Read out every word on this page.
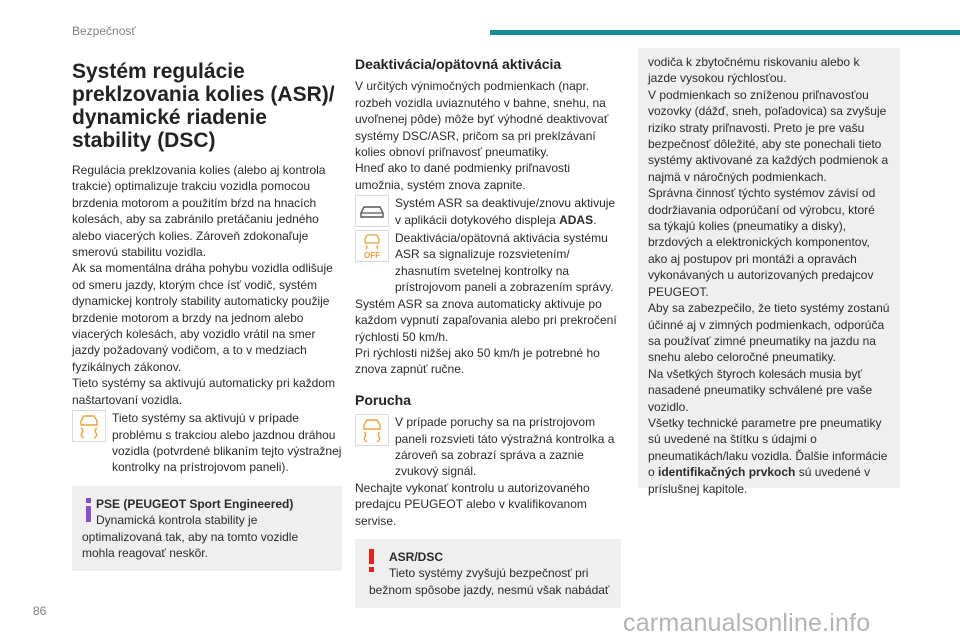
Bezpečnosť
Systém regulácie preklzovania kolies (ASR)/ dynamické riadenie stability (DSC)

Regulácia preklzovania kolies (alebo aj kontrola trakcie) optimalizuje trakciu vozidla pomocou brzdenia motorom a použitím bŕzd na hnacích kolesách, aby sa zabránilo pretáčaniu jedného alebo viacerých kolies. Zároveň zdokonaľuje smerovú stabilitu vozidla.

Ak sa momentálna dráha pohybu vozidla odlišuje od smeru jazdy, ktorým chce ísť vodič, systém dynamickej kontroly stability automaticky použije brzdenie motorom a brzdy na jednom alebo viacerých kolesách, aby vozidlo vrátil na smer jazdy požadovaný vodičom, a to v medziach fyzikálnych zákonov.

Tieto systémy sa aktivujú automaticky pri každom naštartovaní vozidla.

Tieto systémy sa aktivujú v prípade problému s trakciou alebo jazdnou dráhou vozidla (potvrdené blikaním tejto výstražnej kontrolky na prístrojovom paneli).

PSE (PEUGEOT Sport Engineered)

Dynamická kontrola stability je optimalizovaná tak, aby na tomto vozidle mohla reagovať neskôr.

Deaktivácia/opätovná aktivácia

V určitých výnimočných podmienkach (napr. rozbeh vozidla uviaznutého v bahne, snehu, na uvoľnenej pôde) môže byť výhodné deaktivovať systémy DSC/ASR, pričom sa pri preklzávaní kolies obnoví priľnavosť pneumatiky.

Hneď ako to dané podmienky priľnavosti umožnia, systém znova zapnite.

Systém ASR sa deaktivuje/znovu aktivuje v aplikácii dotykového displeja ADAS.

OFF

Deaktivácia/opätovná aktivácia systému ASR sa signalizuje rozsvietením/ zhasnutím svetelnej kontrolky na prístrojovom paneli a zobrazením správy.

Systém ASR sa znova automaticky aktivuje po každom vypnutí zapaľovania alebo pri prekročení rýchlosti 50 km/h.

Pri rýchlosti nižšej ako 50 km/h je potrebné ho znova zapnúť ručne.

Porucha

V prípade poruchy sa na prístrojovom paneli rozsvieti táto výstražná kontrolka a zároveň sa zobrazí správa a zaznie zvukový signál.

Nechajte vykonať kontrolu u autorizovaného predajcu PEUGEOT alebo v kvalifikovanom servise.

ASR/DSC

Tieto systémy zvyšujú bezpečnosť pri bežnom spôsobe jazdy, nesmú však nabádať

vodiča k zbytočnému riskovaniu alebo k jazde vysokou rýchlosťou.

V podmienkach so zníženou priľnavosťou vozovky (dážď, sneh, poľadovica) sa zvyšuje riziko straty priľnavosti. Preto je pre vašu bezpečnosť dôležité, aby ste ponechali tieto systémy aktivované za každých podmienok a najmä v náročných podmienkach.

Správna činnosť týchto systémov závisí od dodržiavania odporúčaní od výrobcu, ktoré sa týkajú kolies (pneumatiky a disky), brzdových a elektronických komponentov, ako aj postupov pri montáži a opravách vykonávaných u autorizovaných predajcov PEUGEOT.

Aby sa zabezpečilo, že tieto systémy zostanú účinné aj v zimných podmienkach, odporúča sa používať zimné pneumatiky na jazdu na snehu alebo celoročné pneumatiky.

Na všetkých štyroch kolesách musia byť nasadené pneumatiky schválené pre vaše vozidlo.

Všetky technické parametre pre pneumatiky sú uvedené na štítku s údajmi o pneumatikách/laku vozidla. Ďalšie informácie o identifikačných prvkoch sú uvedené v príslušnej kapitole.

86	carmanualsonline.info
